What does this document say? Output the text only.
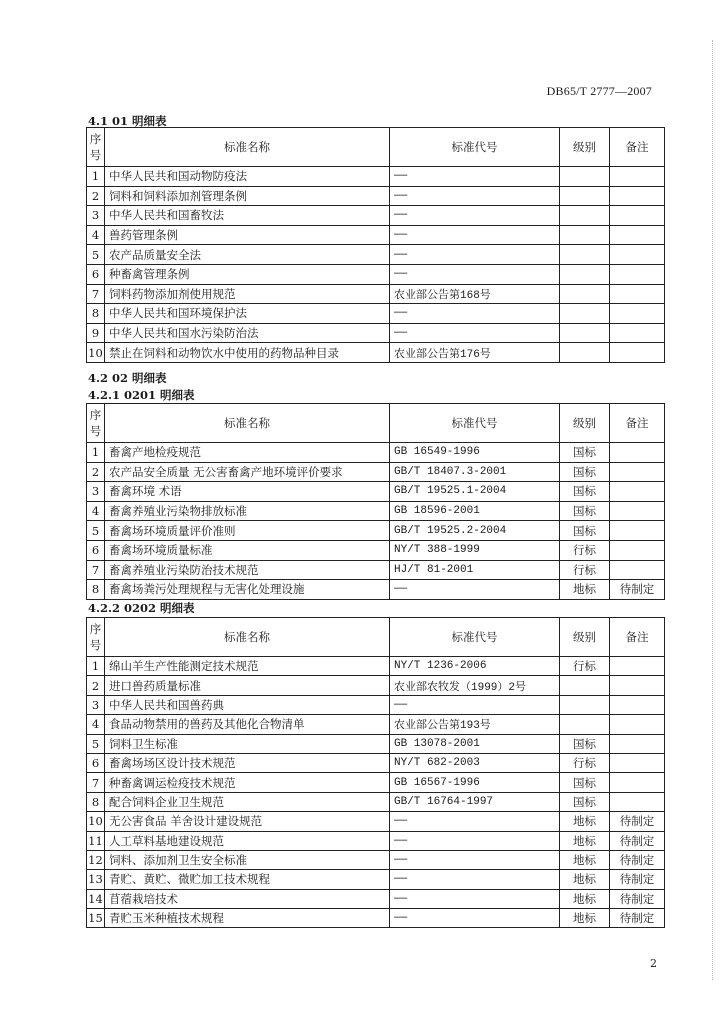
DB65/T 2777—2007
4.1 01 明细表
序号	标准名称	标准代号	级别	备注
1	中华人民共和国动物防疫法	——		
2	饲料和饲料添加剂管理条例	——		
3	中华人民共和国畜牧法	——		
4	兽药管理条例	——		
5	农产品质量安全法	——		
6	种畜禽管理条例	——		
7	饲料药物添加剂使用规范	农业部公告第168号		
8	中华人民共和国环境保护法	——		
9	中华人民共和国水污染防治法	——		
10	禁止在饲料和动物饮水中使用的药物品种目录	农业部公告第176号		
4.2 02 明细表
4.2.1 0201 明细表
序号	标准名称	标准代号	级别	备注
1	畜禽产地检疫规范	GB 16549-1996	国标	
2	农产品安全质量 无公害畜禽产地环境评价要求	GB/T 18407.3-2001	国标	
3	畜禽环境 术语	GB/T 19525.1-2004	国标	
4	畜禽养殖业污染物排放标准	GB 18596-2001	国标	
5	畜禽场环境质量评价准则	GB/T 19525.2-2004	国标	
6	畜禽场环境质量标准	NY/T 388-1999	行标	
7	畜禽养殖业污染防治技术规范	HJ/T 81-2001	行标	
8	畜禽场粪污处理规程与无害化处理设施	——	地标	待制定
4.2.2 0202 明细表
序号	标准名称	标准代号	级别	备注
1	绵山羊生产性能测定技术规范	NY/T 1236-2006	行标	
2	进口兽药质量标准	农业部农牧发（1999）2号		
3	中华人民共和国兽药典	——		
4	食品动物禁用的兽药及其他化合物清单	农业部公告第193号		
5	饲料卫生标准	GB 13078-2001	国标	
6	畜禽场场区设计技术规范	NY/T 682-2003	行标	
7	种畜禽调运检疫技术规范	GB 16567-1996	国标	
8	配合饲料企业卫生规范	GB/T 16764-1997	国标	
10	无公害食品 羊舍设计建设规范	——	地标	待制定
11	人工草料基地建设规范	——	地标	待制定
12	饲料、添加剂卫生安全标准	——	地标	待制定
13	青贮、黄贮、微贮加工技术规程	——	地标	待制定
14	苜蓿栽培技术	——	地标	待制定
15	青贮玉米种植技术规程	——	地标	待制定
2
